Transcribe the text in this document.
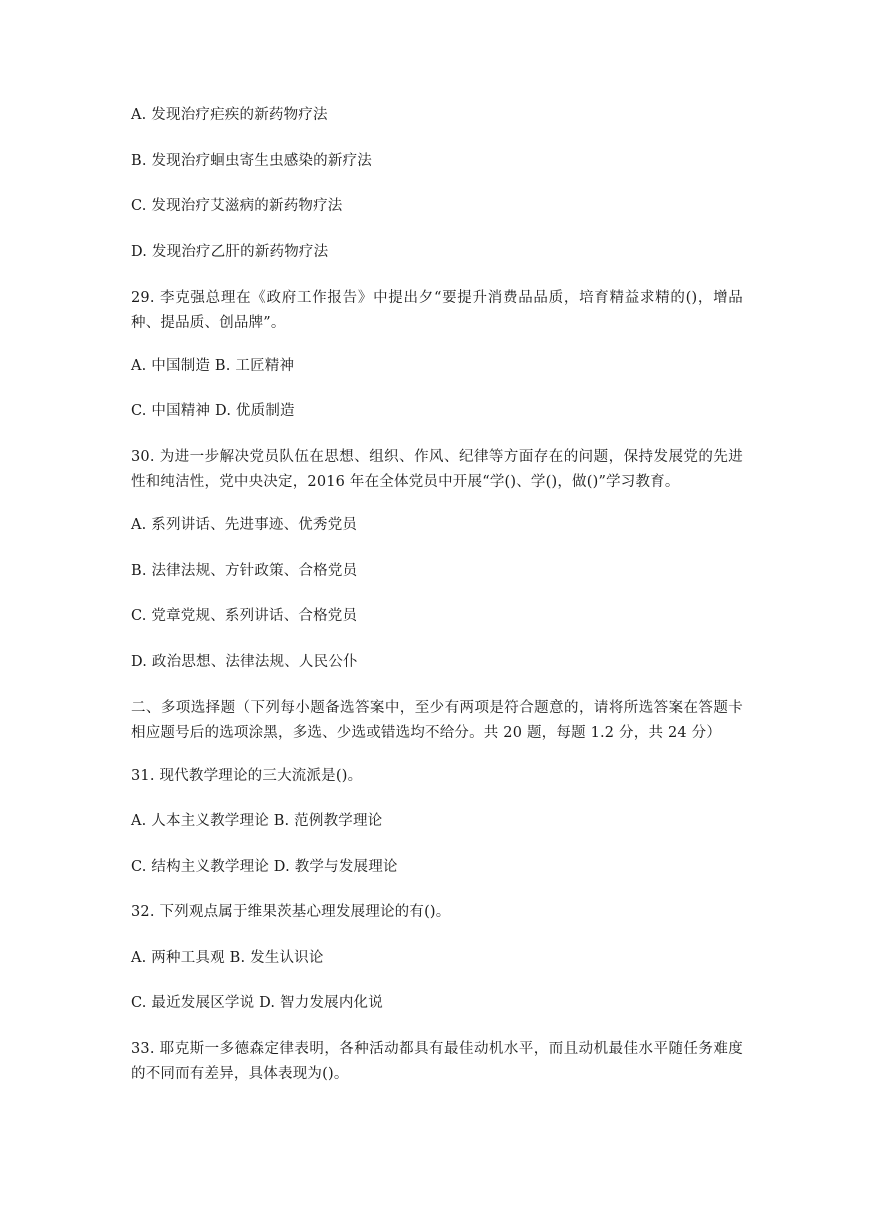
A. 发现治疗疟疾的新药物疗法
B. 发现治疗蛔虫寄生虫感染的新疗法
C. 发现治疗艾滋病的新药物疗法
D. 发现治疗乙肝的新药物疗法
29. 李克强总理在《政府工作报告》中提出夕“要提升消费品品质，培育精益求精的()，增品种、提品质、创品牌”。
A. 中国制造 B. 工匠精神
C. 中国精神 D. 优质制造
30. 为进一步解决党员队伍在思想、组织、作风、纪律等方面存在的问题，保持发展党的先进性和纯洁性，党中央决定，2016 年在全体党员中开展“学()、学()，做()”学习教育。
A. 系列讲话、先进事迹、优秀党员
B. 法律法规、方针政策、合格党员
C. 党章党规、系列讲话、合格党员
D. 政治思想、法律法规、人民公仆
二、多项选择题（下列每小题备选答案中，至少有两项是符合题意的，请将所选答案在答题卡相应题号后的选项涂黑，多选、少选或错选均不给分。共 20 题，每题 1.2 分，共 24 分）
31. 现代教学理论的三大流派是()。
A. 人本主义教学理论 B. 范例教学理论
C. 结构主义教学理论 D. 教学与发展理论
32. 下列观点属于维果茨基心理发展理论的有()。
A. 两种工具观 B. 发生认识论
C. 最近发展区学说 D. 智力发展内化说
33. 耶克斯一多德森定律表明，各种活动都具有最佳动机水平，而且动机最佳水平随任务难度的不同而有差异，具体表现为()。
